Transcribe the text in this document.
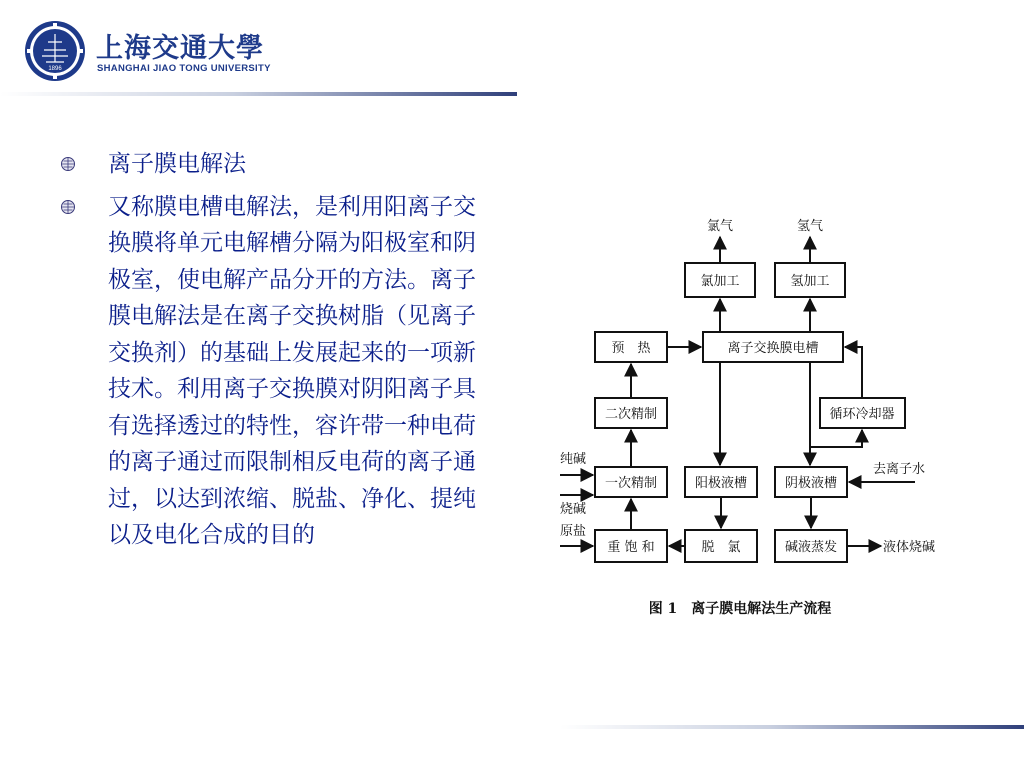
1896
上海交通大學
SHANGHAI JIAO TONG UNIVERSITY
离子膜电解法
又称膜电槽电解法，是利用阳离子交换膜将单元电解槽分隔为阳极室和阴极室，使电解产品分开的方法。离子膜电解法是在离子交换树脂（见离子交换剂）的基础上发展起来的一项新技术。利用离子交换膜对阴阳离子具有选择透过的特性，容许带一种电荷的离子通过而限制相反电荷的离子通过，以达到浓缩、脱盐、净化、提纯以及电化合成的目的
氯气	氢气
氯加工	氢加工
预　热	离子交换膜电槽
二次精制	循环冷却器
一次精制	阳极液槽	阴极液槽
重 饱 和	脱　氯	碱液蒸发
纯碱
烧碱
原盐
去离子水
液体烧碱
图 1　离子膜电解法生产流程
